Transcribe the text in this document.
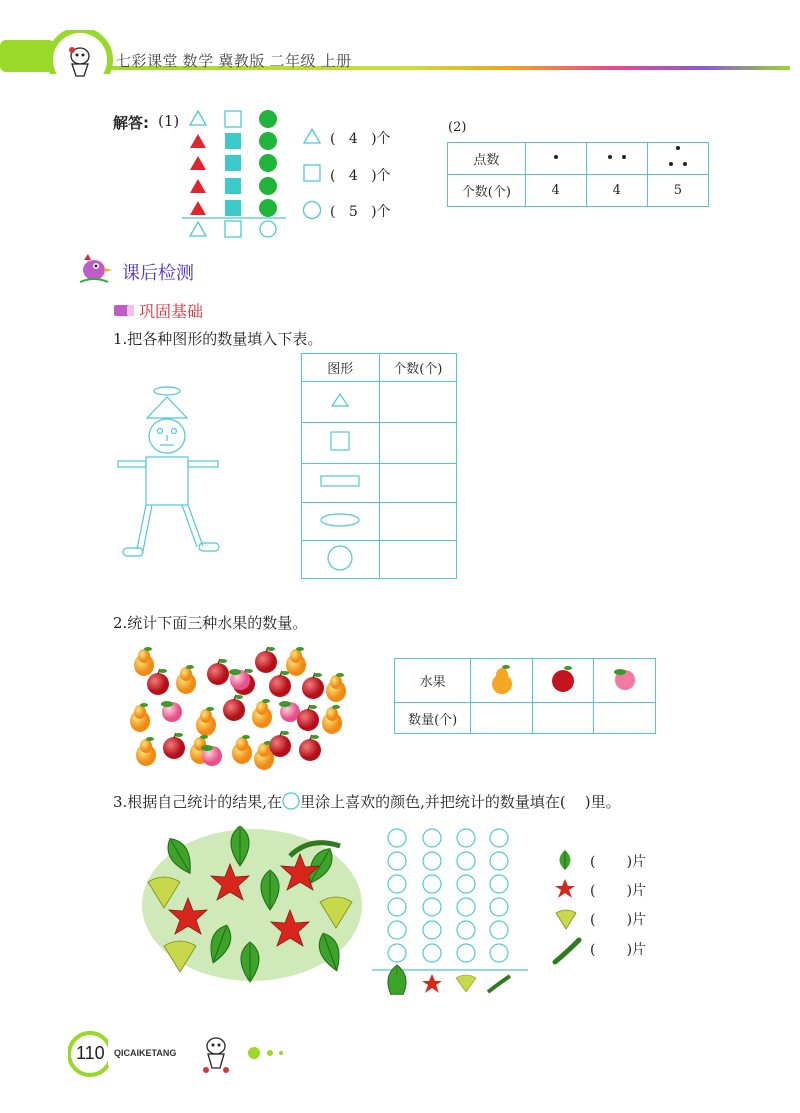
七彩课堂 数学 冀教版 二年级 上册
解答: (1)
(   4   )个
(   4   )个
(   5   )个
(2)
点数			
个数(个)	4	4	5
课后检测
巩固基础
1.把各种图形的数量填入下表。
图形	个数(个)

2.统计下面三种水果的数量。
水果			
数量(个)			
3.根据自己统计的结果,在 里涂上喜欢的颜色,并把统计的数量填在( )里。
( )片
( )片
( )片
( )片
110 QICAIKETANG
